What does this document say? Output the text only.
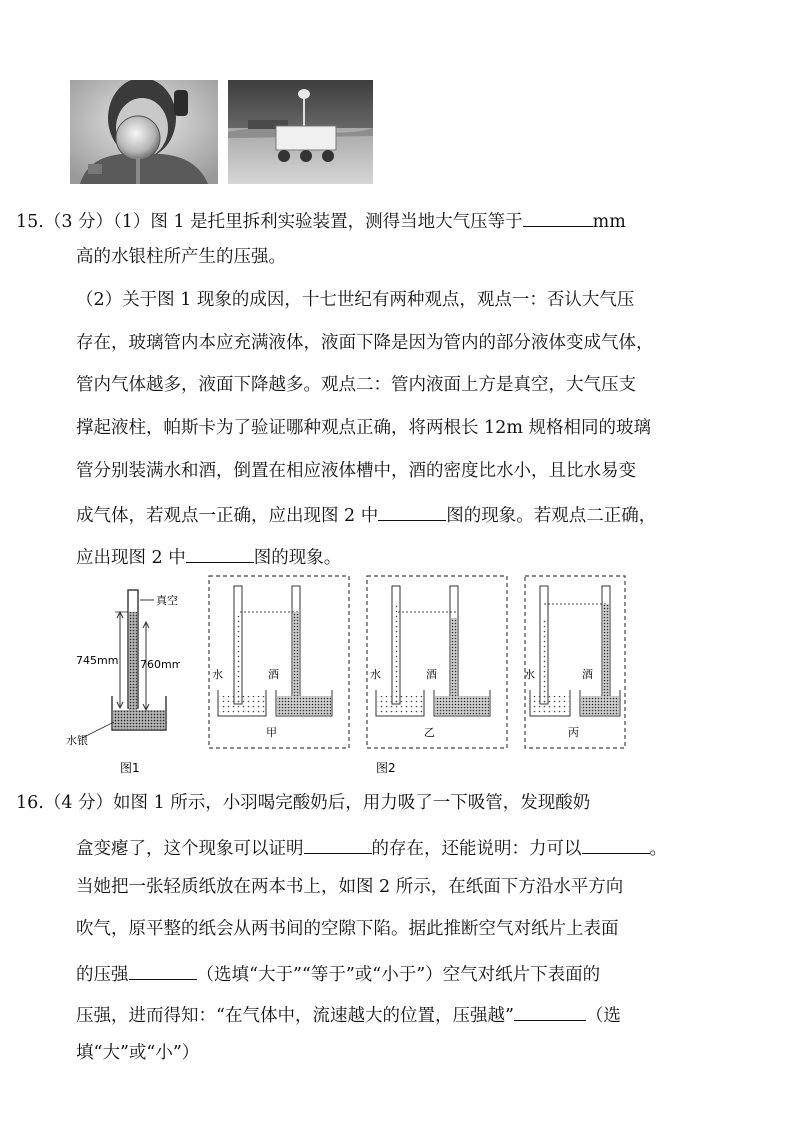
15.（3 分）（1）图 1 是托里拆利实验装置，测得当地大气压等于	mm
高的水银柱所产生的压强。
（2）关于图 1 现象的成因，十七世纪有两种观点，观点一：否认大气压
存在，玻璃管内本应充满液体，液面下降是因为管内的部分液体变成气体，
管内气体越多，液面下降越多。观点二：管内液面上方是真空，大气压支
撑起液柱，帕斯卡为了验证哪种观点正确，将两根长 12m 规格相同的玻璃
管分别装满水和酒，倒置在相应液体槽中，酒的密度比水小，且比水易变
成气体，若观点一正确，应出现图 2 中	图的现象。若观点二正确，
应出现图 2 中	图的现象。
真空
745mm 760mm
水银
图1
水	酒
甲
水	酒
乙
水	酒
丙
图2
16.（4 分）如图 1 所示，小羽喝完酸奶后，用力吸了一下吸管，发现酸奶
盒变瘪了，这个现象可以证明	的存在，还能说明：力可以	。
当她把一张轻质纸放在两本书上，如图 2 所示，在纸面下方沿水平方向
吹气，原平整的纸会从两书间的空隙下陷。据此推断空气对纸片上表面
的压强	（选填“大于”“等于”或“小于”）空气对纸片下表面的
压强，进而得知：“在气体中，流速越大的位置，压强越”	（选
填“大”或“小”）
